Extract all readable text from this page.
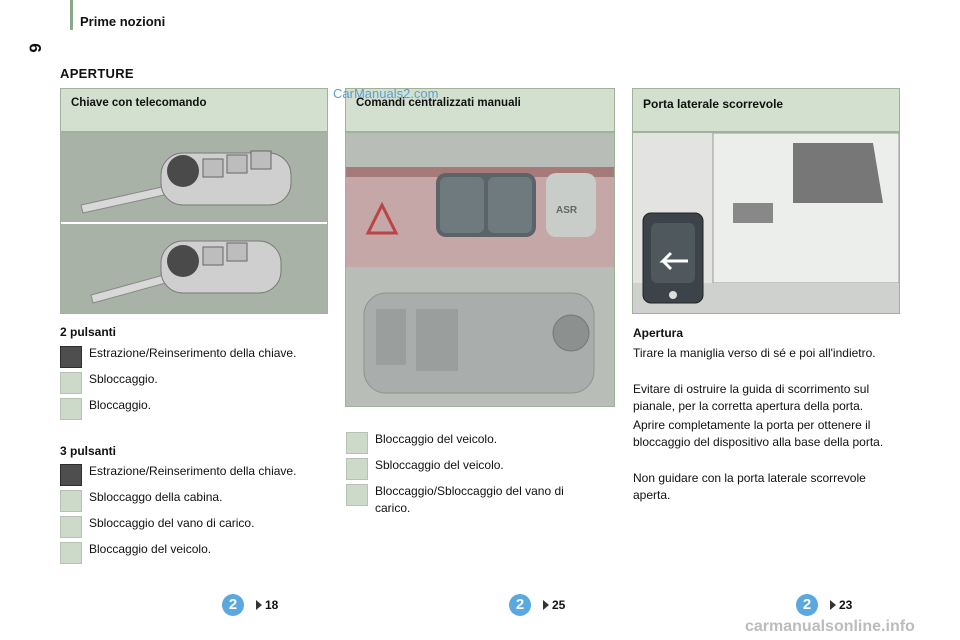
Prime nozioni
6
APERTURE
Chiave con telecomando
2 pulsanti
Estrazione/Reinserimento della chiave.
Sbloccaggio.
Bloccaggio.
3 pulsanti
Estrazione/Reinserimento della chiave.
Sbloccaggo della cabina.
Sbloccaggio del vano di carico.
Bloccaggio del veicolo.
2	18
Comandi centralizzati manuali
CarManuals2.com
ASR
Bloccaggio del veicolo.
Sbloccaggio del veicolo.
Bloccaggio/Sbloccaggio del vano di carico.
2	25
Porta laterale scorrevole
Apertura
Tirare la maniglia verso di sé e poi all'indietro.
Evitare di ostruire la guida di scorrimento sul pianale, per la corretta apertura della porta.
Aprire completamente la porta per ottenere il bloccaggio del dispositivo alla base della porta.
Non guidare con la porta laterale scorrevole aperta.
2	23
carmanualsonline.info
